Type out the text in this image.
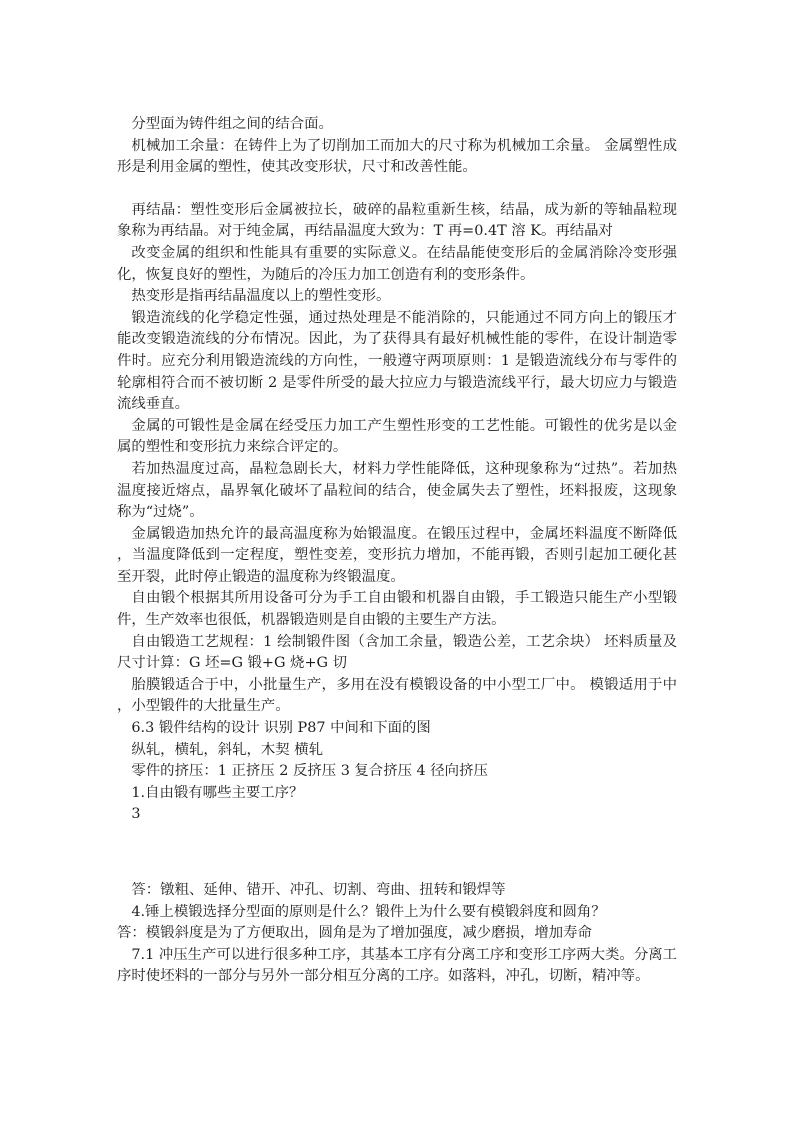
分型面为铸件组之间的结合面。

机械加工余量：在铸件上为了切削加工而加大的尺寸称为机械加工余量。 金属塑性成形是利用金属的塑性，使其改变形状，尺寸和改善性能。

再结晶：塑性变形后金属被拉长，破碎的晶粒重新生核，结晶，成为新的等轴晶粒现象称为再结晶。对于纯金属，再结晶温度大致为：T 再=0.4T 溶 K。再结晶对

改变金属的组织和性能具有重要的实际意义。在结晶能使变形后的金属消除冷变形强化，恢复良好的塑性，为随后的冷压力加工创造有利的变形条件。

热变形是指再结晶温度以上的塑性变形。

锻造流线的化学稳定性强，通过热处理是不能消除的，只能通过不同方向上的锻压才能改变锻造流线的分布情况。因此，为了获得具有最好机械性能的零件，在设计制造零件时。应充分利用锻造流线的方向性，一般遵守两项原则：1 是锻造流线分布与零件的轮廓相符合而不被切断 2 是零件所受的最大拉应力与锻造流线平行，最大切应力与锻造流线垂直。

金属的可锻性是金属在经受压力加工产生塑性形变的工艺性能。可锻性的优劣是以金属的塑性和变形抗力来综合评定的。

若加热温度过高，晶粒急剧长大，材料力学性能降低，这种现象称为“过热”。若加热温度接近熔点，晶界氧化破坏了晶粒间的结合，使金属失去了塑性，坯料报废，这现象称为“过烧”。

金属锻造加热允许的最高温度称为始锻温度。在锻压过程中，金属坯料温度不断降低，当温度降低到一定程度，塑性变差，变形抗力增加，不能再锻，否则引起加工硬化甚至开裂，此时停止锻造的温度称为终锻温度。

自由锻个根据其所用设备可分为手工自由锻和机器自由锻，手工锻造只能生产小型锻件，生产效率也很低，机器锻造则是自由锻的主要生产方法。

自由锻造工艺规程：1 绘制锻件图（含加工余量，锻造公差，工艺余块） 坯料质量及尺寸计算：G 坯=G 锻+G 烧+G 切

胎膜锻适合于中，小批量生产，多用在没有模锻设备的中小型工厂中。 模锻适用于中，小型锻件的大批量生产。

6.3 锻件结构的设计 识别 P87 中间和下面的图

纵轧，横轧，斜轧，木契 横轧

零件的挤压：1 正挤压 2 反挤压 3 复合挤压 4 径向挤压

1.自由锻有哪些主要工序？

3

答：镦粗、延伸、错开、冲孔、切割、弯曲、扭转和锻焊等

4.锤上模锻选择分型面的原则是什么？锻件上为什么要有模锻斜度和圆角？

答：模锻斜度是为了方便取出，圆角是为了增加强度，减少磨损，增加寿命

7.1 冲压生产可以进行很多种工序，其基本工序有分离工序和变形工序两大类。分离工序时使坯料的一部分与另外一部分相互分离的工序。如落料，冲孔，切断，精冲等。
